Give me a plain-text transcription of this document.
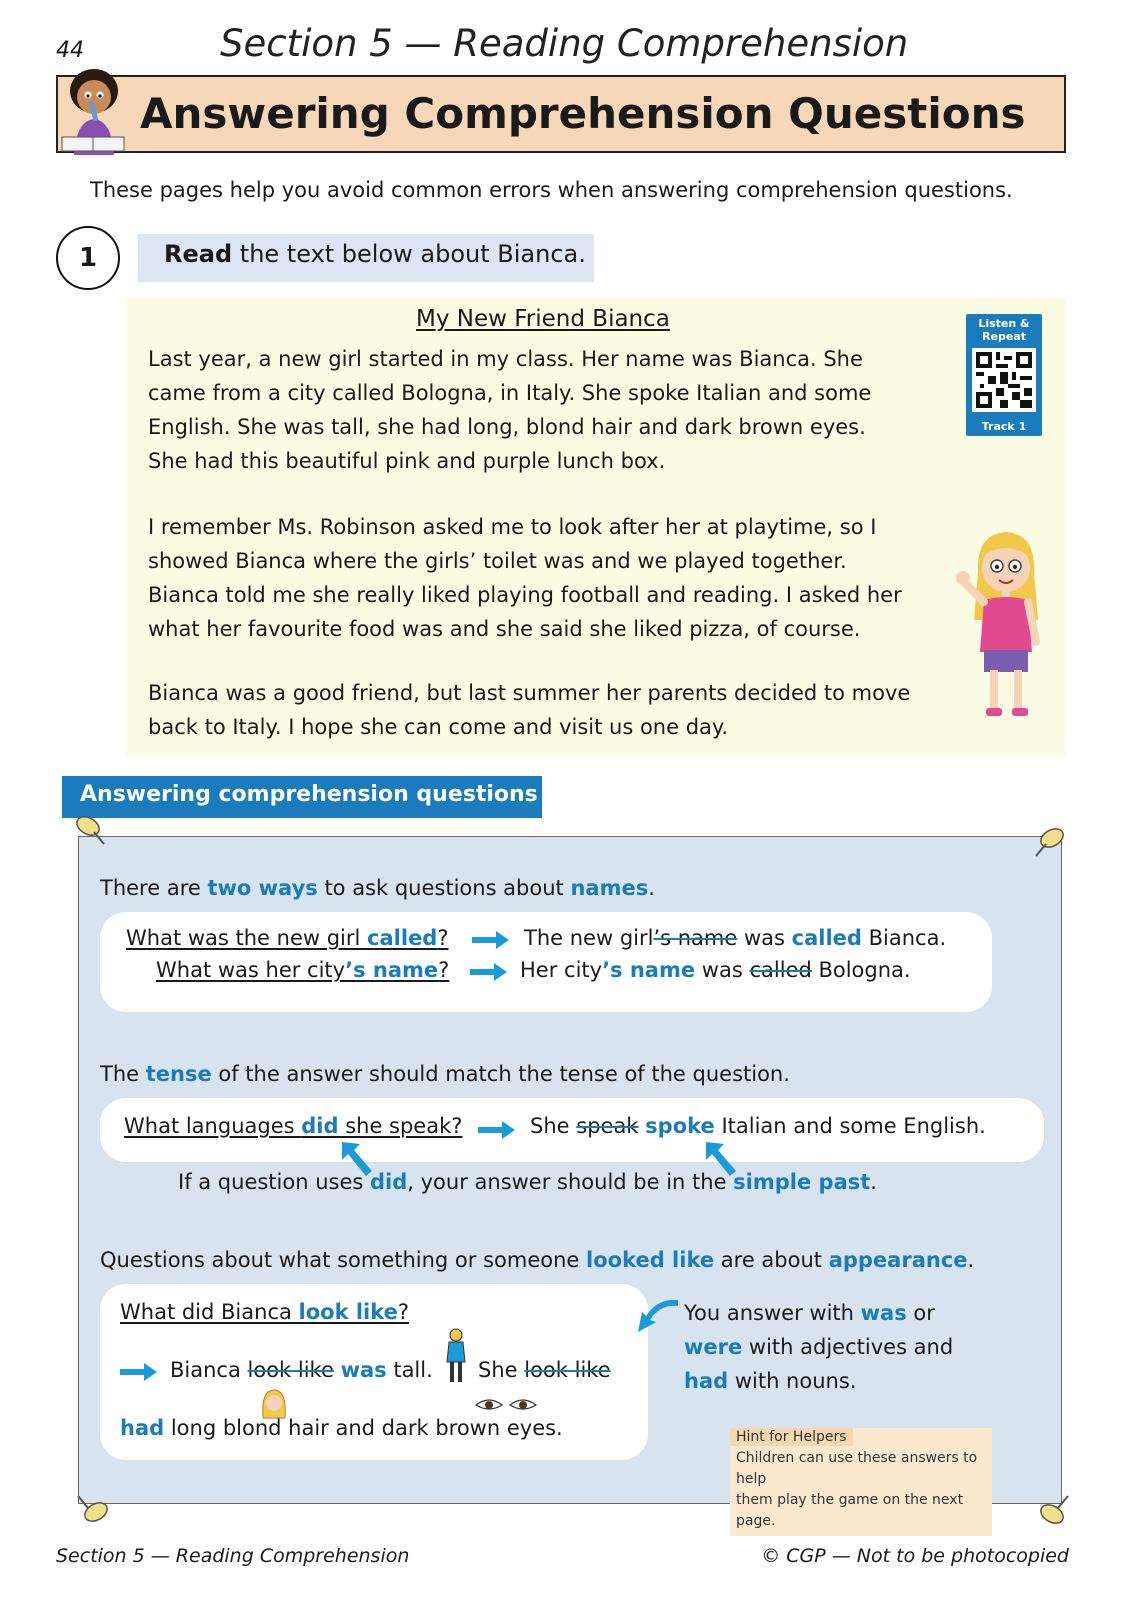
44	Section 5 — Reading Comprehension
Answering Comprehension Questions
These pages help you avoid common errors when answering comprehension questions.
1	Read the text below about Bianca.
My New Friend Bianca
Last year, a new girl started in my class. Her name was Bianca. She
came from a city called Bologna, in Italy. She spoke Italian and some
English. She was tall, she had long, blond hair and dark brown eyes.
She had this beautiful pink and purple lunch box.
I remember Ms. Robinson asked me to look after her at playtime, so I
showed Bianca where the girls’ toilet was and we played together.
Bianca told me she really liked playing football and reading. I asked her
what her favourite food was and she said she liked pizza, of course.
Bianca was a good friend, but last summer her parents decided to move
back to Italy. I hope she can come and visit us one day.
Listen &
Repeat
Track 1
Answering comprehension questions
There are two ways to ask questions about names.
What was the new girl called?	The new girl’s name was called Bianca.
What was her city’s name?	Her city’s name was called Bologna.
The tense of the answer should match the tense of the question.
What languages did she speak?	She speak spoke Italian and some English.
If a question uses did, your answer should be in the simple past.
Questions about what something or someone looked like are about appearance.
What did Bianca look like?
Bianca look like was tall. She look like
had long blond hair and dark brown eyes.
You answer with was or were with adjectives and had with nouns.
Hint for Helpers
Children can use these answers to help
them play the game on the next page.
Section 5 — Reading Comprehension	© CGP — Not to be photocopied
